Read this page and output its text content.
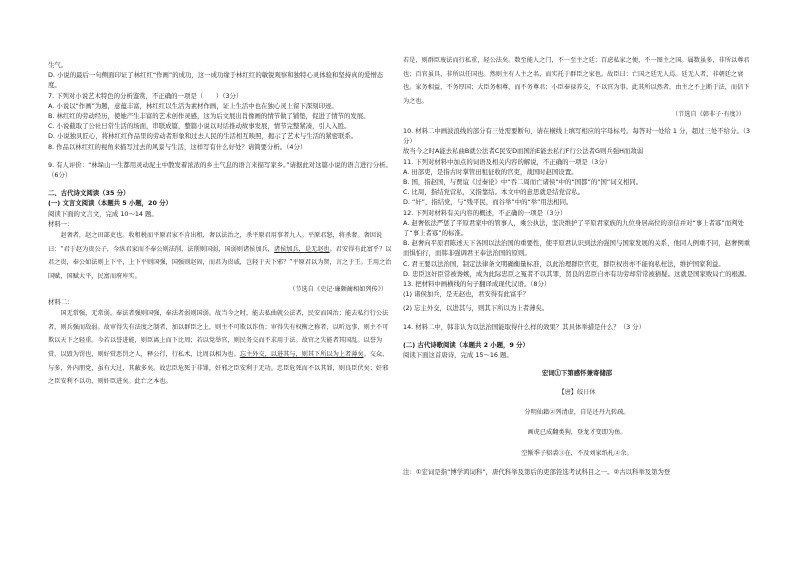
生气。

D. 小说的最后一句侧面印证了林红红“作画”的成功，这一成功缘于林红红的敏锐观察和独特心灵体验和坚持真的爱憎态度。

7. 下列对小说艺术特色的分析鉴赏，不正确的一项是（　　）（3分）

A. 小说以“作画”为题，意蕴丰富，林红红以生活为素材作画，证上生活中也在独心灵上留下深刻印迹。

B. 林红红的劳动经历，使她产生丰富的艺术创作灵感，这为后文展出肖像画的情节做了铺垫，促进了情节的发展。

C. 小说截取了公社日常生活的场面，串联成篇，整篇小说以对话推动故事发展，情节完整紧凑，引人入胜。

D. 小说独具匠心，将林红红作品里的劳动者形象和过去人民的生活相互映照，揭示了艺术与生活的紧密联系。

8. 作品以林红红的视角来描写过去的风景与生活，这样写有什么好处？请简要分析。（4分）

9. 有人评价：“林垛山一生都用灵动泥土中散发着浓浓的乡土气息的语言来描写家乡。”请据此对这篇小说的语言进行分析。（6分）

二、古代诗文阅读（35 分）

(一) 文言文阅读（本题共 5 小题，20 分）

阅读下面的文言文，完成 10～14 题。

材料一：

　　赵奢者，赵之田部吏也。收租税而平原君家不肯出租，奢以法治之，杀平原君用事者九人。平原君怒，将杀奢。奢因说曰：“君于赵为贵公子，今纵君家而不奉公则法削，法削则国弱，国弱则诸侯加兵，诸侯加兵，是无赵也。君安得有此富乎？以君之贵，奉公如法则上下平，上下平则国强，国强则赵固，而君为贵戚，岂轻于天下邪？”平原君以为贤，言之于王。王用之治国赋，国赋大平，民富而府库实。

（节选自《史记·廉颇蔺相如列传》）

材料二：

　　国无常强，无常弱。奉法者强则国强，奉法者弱则国弱。故当今之时，能去私曲就公法者，民安而国治；能去私行行公法者，则兵强而敌弱。故审得失有法度之制者，加以群臣之上，则主不可欺以诈伪；审得失有权衡之称者，以听远事，则主不可欺以天下之轻重。今若以誉进能，则臣离上而下比周；若以党举官，则民务交而不求用于法。故官之失能者其国乱。以誉为赏，以毁为罚也，则好赏恶罚之人，释公行，行私术，比周以相为也。忘主外交，以进其与，则其下所以为上者薄矣。交众、与多，外内朋党，虽有大过，其蔽多矣。故忠臣危死于非罪，奸邪之臣安利于无功。忠臣危死而不以其罪，则良臣伏矣；奸邪之臣安利不以功，则奸臣进矣。此亡之本也。

若是，则群臣废法而行私重，轻公法矣。数至能人之门，不一至主之廷；百虑私家之便，不一图主之国。属数虽多，非所以尊君也；百官虽具，非所以任国也。然则主有人主之名，而实托于群臣之家也。故臣曰：亡国之廷无人焉。廷无人者，非朝廷之衰也。家务相益，不务厚国；大臣务相尊，而不务尊君；小臣奉禄养交，不以官为事。此其所以然者，由主之不上断于法，而信下为之也。

（节选自《韩非子·有度》）

10. 材料二中画波浪线的部分有三处需要断句，请在横线上填写相应的字母标号。每答对一处给 1 分，超过三处不给分。（3 分）

故当今之时A能去私曲B就公法者C民安D而国治E能去私行F行公法者G则兵强H而敌弱

11. 下列对材料中加点的词语及相关内容的解说，不正确的一项是（3分）

A. 田部吏，是指古时掌管田租征收的官吏，战国时赵国设置。

B. 国，指赵国，与贾谊《过秦论》中“吞二周而亡诸侯”中的“国都”的“国”词义相同。

C. 比周，指结党营私，又指靠结。本文中的意思就是结党营私。

D. “奸”，指结党，与“残平民，而谷举”中的“举”用法相同。

12. 下列对材料有关内容的概述，不正确的一项是（3分）

A. 赵奢依法严惩了平原君家中的管事人，乘公执法，坚决维护了平原君家族的九位身居高位的亲信并对“事上者寡”而判处了“事上者寡”的标准。

B. 赵奢向平原君陈述天下各国以法治国的重要性，使平原君认识到法治强国与国家发展的关系，他同人例重不同，赵奢例重而惧怕行，而韩非强调君王奉法治国的原则。

C. 君王要以法治国，制定法律条文明确衡量标准，以此治理群臣官吏，群臣权贵亦不能徇私枉法，维护国家利益。

D. 忠臣这奸臣常被谗嫉，成为此际忠臣之冤者不以其罪，贤良的忠臣自亦有功劳却常常被猜疑。这就是国家败局亡的根源。

13. 把材料中画横线的句子翻译成现代汉语。（8分）

(1) 诸侯加兵，是无赵也，君安得有此富乎？

(2) 忘主外交，以进其与，则其下所以为上者薄矣。

14. 材料二中，韩非认为以法治国能取得什么样的效果？其具体举措是什么？（3 分）

(二) 古代诗歌阅读（本题共 2 小题，9 分）

阅读下面这首唐诗，完成 15～16 题。

宏词①下第感怀兼寄储邵

【唐】皎日休

分明仙籍②列清虚，自是还丹九转疏。

画虎已成翻类狗，登龙才变即为鱼。

空惭季子貂裘③在，不及刘家纸札④余。

注：①宏词是指“博学鸿词科”，唐代科举及第后的吏部铨选考试科目之一。②古以科举及第为登
